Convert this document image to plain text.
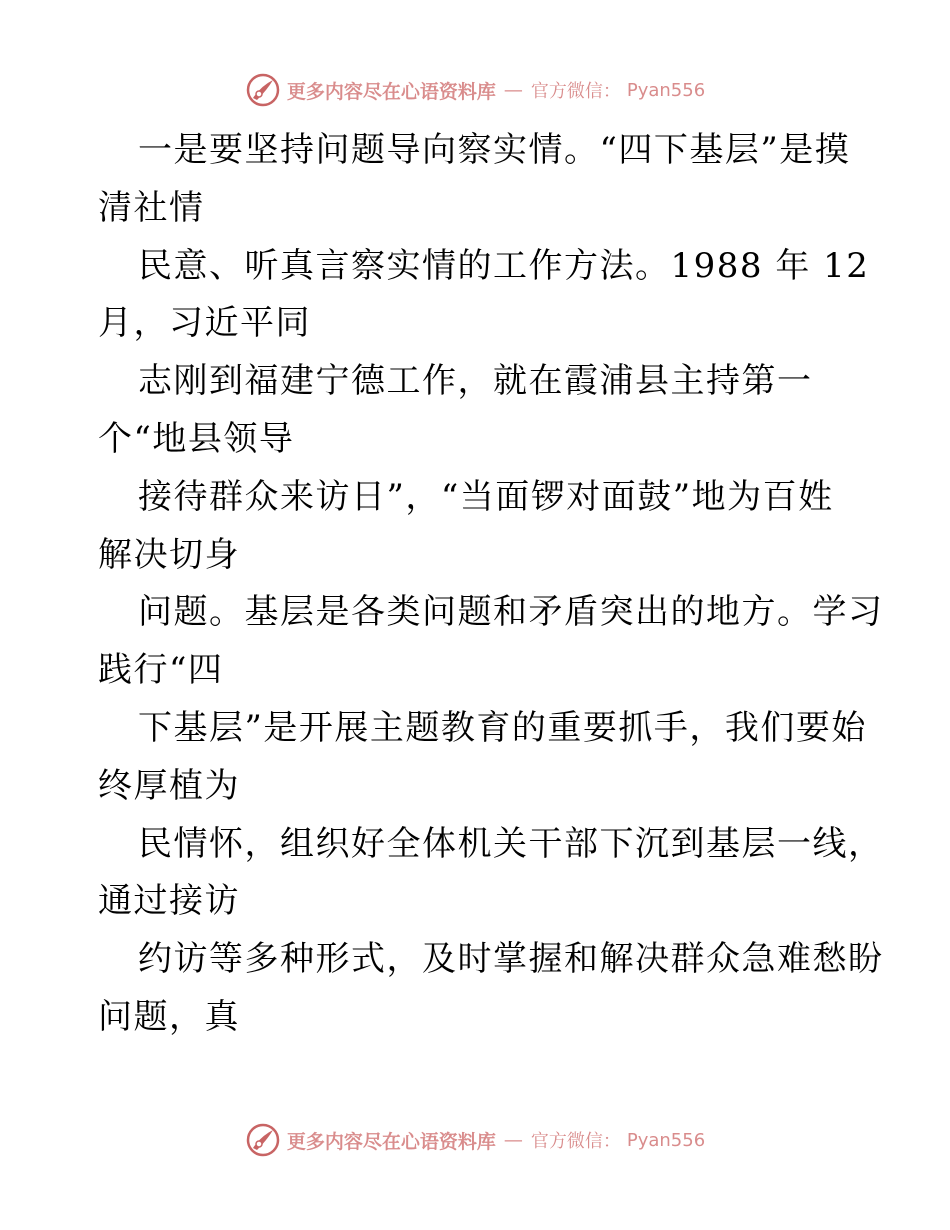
更多内容尽在心语资料库 — 官方微信： Pyan556
一是要坚持问题导向察实情。“四下基层”是摸
清社情
民意、听真言察实情的工作方法。1988 年 12
月，习近平同
志刚到福建宁德工作，就在霞浦县主持第一
个“地县领导
接待群众来访日”，“当面锣对面鼓”地为百姓
解决切身
问题。基层是各类问题和矛盾突出的地方。学习
践行“四
下基层”是开展主题教育的重要抓手，我们要始
终厚植为
民情怀，组织好全体机关干部下沉到基层一线，
通过接访
约访等多种形式，及时掌握和解决群众急难愁盼
问题，真
更多内容尽在心语资料库 — 官方微信： Pyan556
